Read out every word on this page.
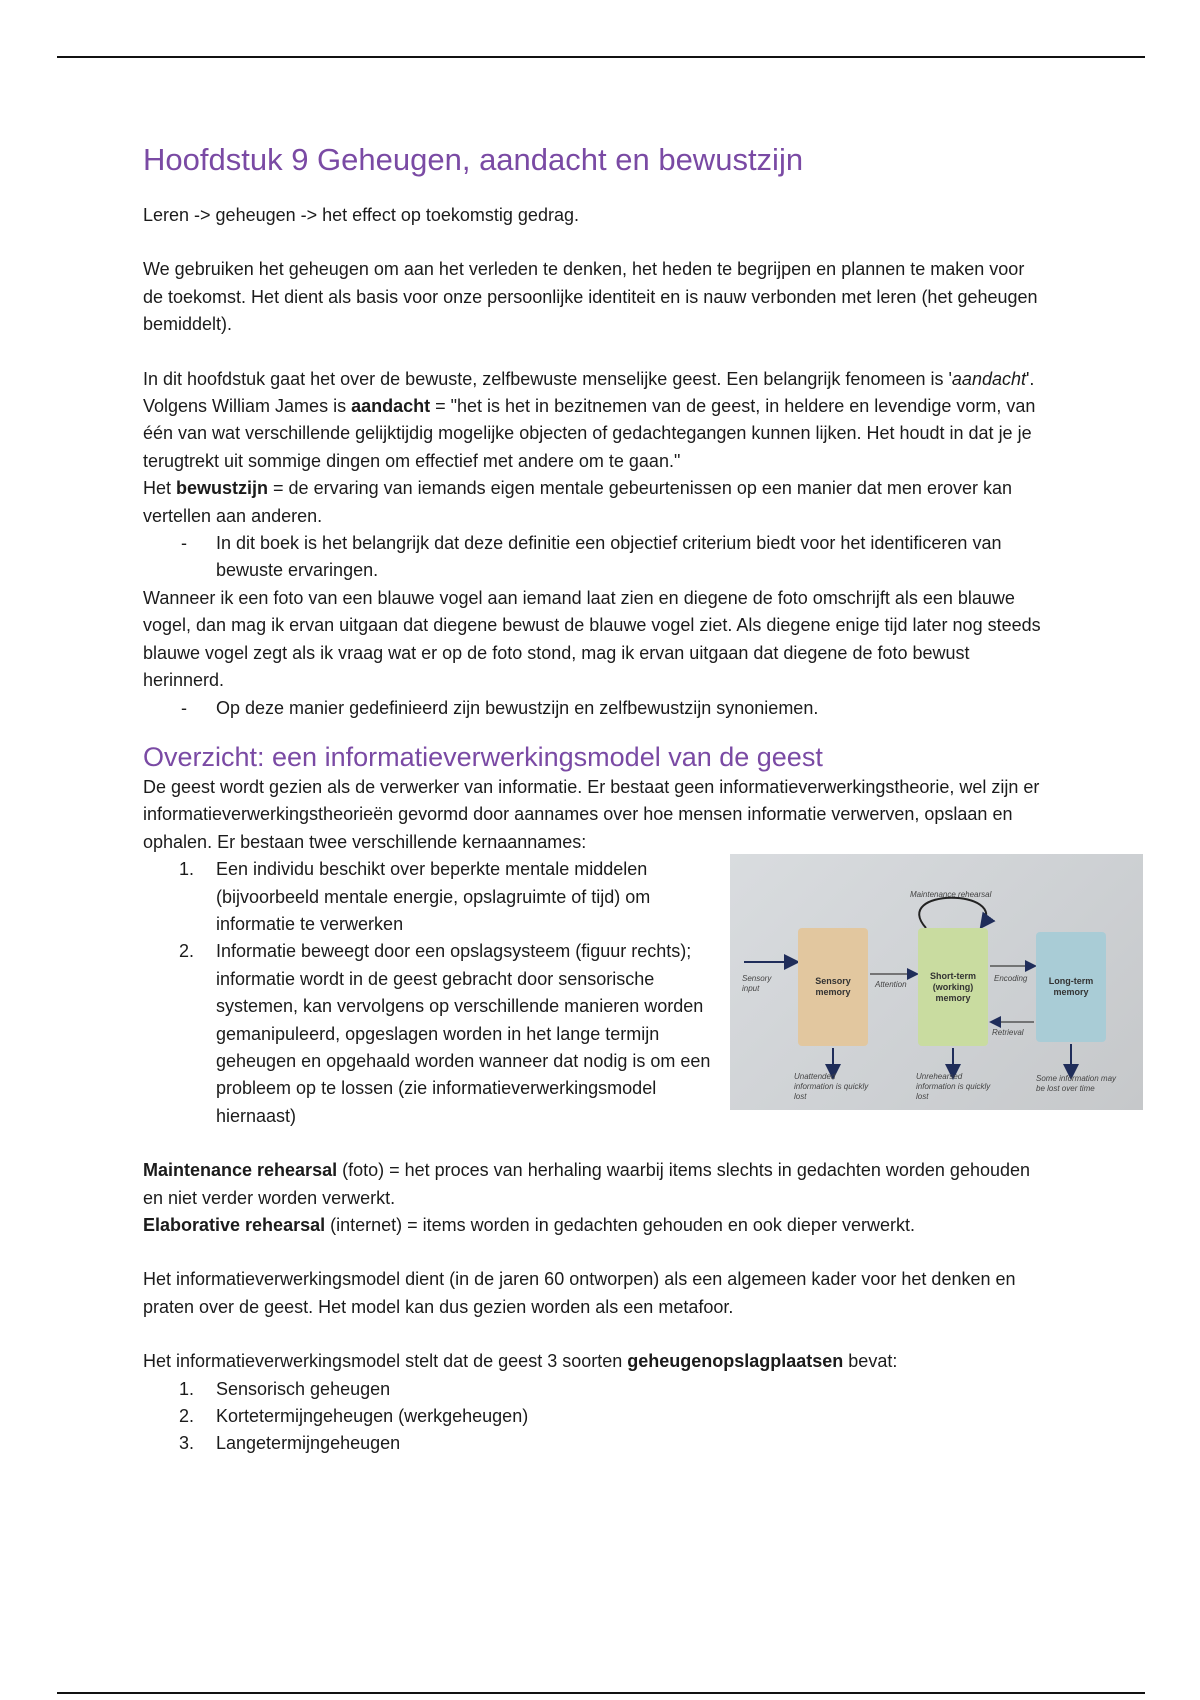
Hoofdstuk 9 Geheugen, aandacht en bewustzijn

Leren -> geheugen -> het effect op toekomstig gedrag.

We gebruiken het geheugen om aan het verleden te denken, het heden te begrijpen en plannen te maken voor de toekomst. Het dient als basis voor onze persoonlijke identiteit en is nauw verbonden met leren (het geheugen bemiddelt).

In dit hoofdstuk gaat het over de bewuste, zelfbewuste menselijke geest. Een belangrijk fenomeen is 'aandacht'. Volgens William James is aandacht = "het is het in bezitnemen van de geest, in heldere en levendige vorm, van één van wat verschillende gelijktijdig mogelijke objecten of gedachtegangen kunnen lijken. Het houdt in dat je je terugtrekt uit sommige dingen om effectief met andere om te gaan."

Het bewustzijn = de ervaring van iemands eigen mentale gebeurtenissen op een manier dat men erover kan vertellen aan anderen.

- In dit boek is het belangrijk dat deze definitie een objectief criterium biedt voor het identificeren van bewuste ervaringen.

Wanneer ik een foto van een blauwe vogel aan iemand laat zien en diegene de foto omschrijft als een blauwe vogel, dan mag ik ervan uitgaan dat diegene bewust de blauwe vogel ziet. Als diegene enige tijd later nog steeds blauwe vogel zegt als ik vraag wat er op de foto stond, mag ik ervan uitgaan dat diegene de foto bewust herinnerd.

- Op deze manier gedefinieerd zijn bewustzijn en zelfbewustzijn synoniemen.
Overzicht: een informatieverwerkingsmodel van de geest

De geest wordt gezien als de verwerker van informatie. Er bestaat geen informatieverwerkingstheorie, wel zijn er informatieverwerkingstheorieën gevormd door aannames over hoe mensen informatie verwerven, opslaan en ophalen. Er bestaan twee verschillende kernaannames:

1. Een individu beschikt over beperkte mentale middelen (bijvoorbeeld mentale energie, opslagruimte of tijd) om informatie te verwerken
2. Informatie beweegt door een opslagsysteem (figuur rechts); informatie wordt in de geest gebracht door sensorische systemen, kan vervolgens op verschillende manieren worden gemanipuleerd, opgeslagen worden in het lange termijn geheugen en opgehaald worden wanneer dat nodig is om een probleem op te lossen (zie informatieverwerkingsmodel hiernaast)
Maintenance rehearsal
Sensory input
Sensory memory
Attention
Short-term (working) memory
Encoding
Retrieval
Long-term memory
Unattended information is quickly lost
Unrehearsed information is quickly lost
Some information may be lost over time

Maintenance rehearsal (foto) = het proces van herhaling waarbij items slechts in gedachten worden gehouden en niet verder worden verwerkt.

Elaborative rehearsal (internet) = items worden in gedachten gehouden en ook dieper verwerkt.

Het informatieverwerkingsmodel dient (in de jaren 60 ontworpen) als een algemeen kader voor het denken en praten over de geest. Het model kan dus gezien worden als een metafoor.

Het informatieverwerkingsmodel stelt dat de geest 3 soorten geheugenopslagplaatsen bevat:

1. Sensorisch geheugen
2. Kortetermijngeheugen (werkgeheugen)
3. Langetermijngeheugen
